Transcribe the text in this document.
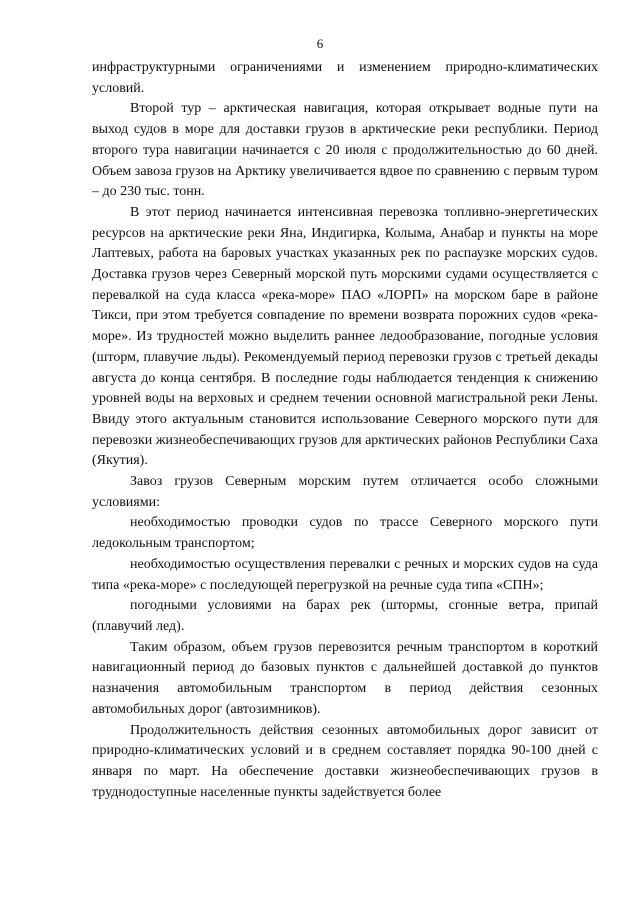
6

инфраструктурными ограничениями и изменением природно-климатических условий.

Второй тур – арктическая навигация, которая открывает водные пути на выход судов в море для доставки грузов в арктические реки республики. Период второго тура навигации начинается с 20 июля с продолжительностью до 60 дней. Объем завоза грузов на Арктику увеличивается вдвое по сравнению с первым туром – до 230 тыс. тонн.

В этот период начинается интенсивная перевозка топливно-энергетических ресурсов на арктические реки Яна, Индигирка, Колыма, Анабар и пункты на море Лаптевых, работа на баровых участках указанных рек по распаузке морских судов. Доставка грузов через Северный морской путь морскими судами осуществляется с перевалкой на суда класса «река-море» ПАО «ЛОРП» на морском баре в районе Тикси, при этом требуется совпадение по времени возврата порожних судов «река-море». Из трудностей можно выделить раннее ледообразование, погодные условия (шторм, плавучие льды). Рекомендуемый период перевозки грузов с третьей декады августа до конца сентября. В последние годы наблюдается тенденция к снижению уровней воды на верховых и среднем течении основной магистральной реки Лены. Ввиду этого актуальным становится использование Северного морского пути для перевозки жизнеобеспечивающих грузов для арктических районов Республики Саха (Якутия).

Завоз грузов Северным морским путем отличается особо сложными условиями:

необходимостью проводки судов по трассе Северного морского пути ледокольным транспортом;

необходимостью осуществления перевалки с речных и морских судов на суда типа «река-море» с последующей перегрузкой на речные суда типа «СПН»;

погодными условиями на барах рек (штормы, сгонные ветра, припай (плавучий лед).

Таким образом, объем грузов перевозится речным транспортом в короткий навигационный период до базовых пунктов с дальнейшей доставкой до пунктов назначения автомобильным транспортом в период действия сезонных автомобильных дорог (автозимников).

Продолжительность действия сезонных автомобильных дорог зависит от природно-климатических условий и в среднем составляет порядка 90-100 дней с января по март. На обеспечение доставки жизнеобеспечивающих грузов в труднодоступные населенные пункты задействуется более
